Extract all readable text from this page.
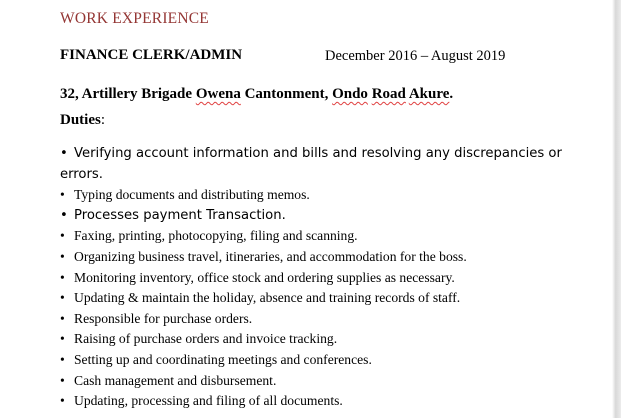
WORK EXPERIENCE
FINANCE CLERK/ADMIN	December 2016 – August 2019
32, Artillery Brigade Owena Cantonment, Ondo Road Akure.
Duties:
• Verifying account information and bills and resolving any discrepancies or errors.
• Typing documents and distributing memos.
• Processes payment Transaction.
• Faxing, printing, photocopying, filing and scanning.
• Organizing business travel, itineraries, and accommodation for the boss.
• Monitoring inventory, office stock and ordering supplies as necessary.
• Updating & maintain the holiday, absence and training records of staff.
• Responsible for purchase orders.
• Raising of purchase orders and invoice tracking.
• Setting up and coordinating meetings and conferences.
• Cash management and disbursement.
• Updating, processing and filing of all documents.
